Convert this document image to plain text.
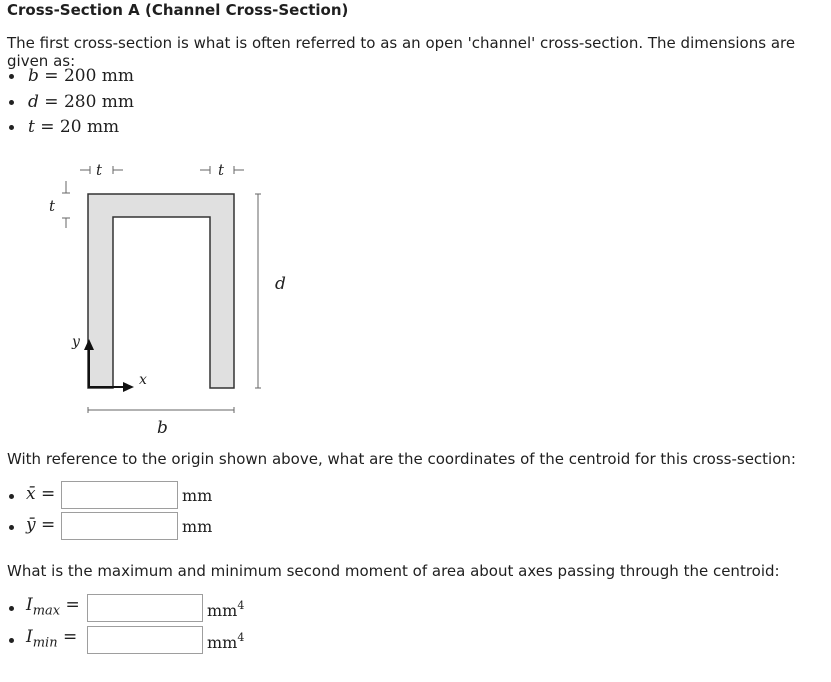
Cross-Section A (Channel Cross-Section)
The first cross-section is what is often referred to as an open 'channel' cross-section. The dimensions are given as:
b = 200 mm
d = 280 mm
t = 20 mm
t	t
t
d
b
y
x
With reference to the origin shown above, what are the coordinates of the centroid for this cross-section:
x̄ =	mm
ȳ =	mm
What is the maximum and minimum second moment of area about axes passing through the centroid:
$I_{max}$ =	$mm^4$
$I_{min}$ =	$mm^4$
